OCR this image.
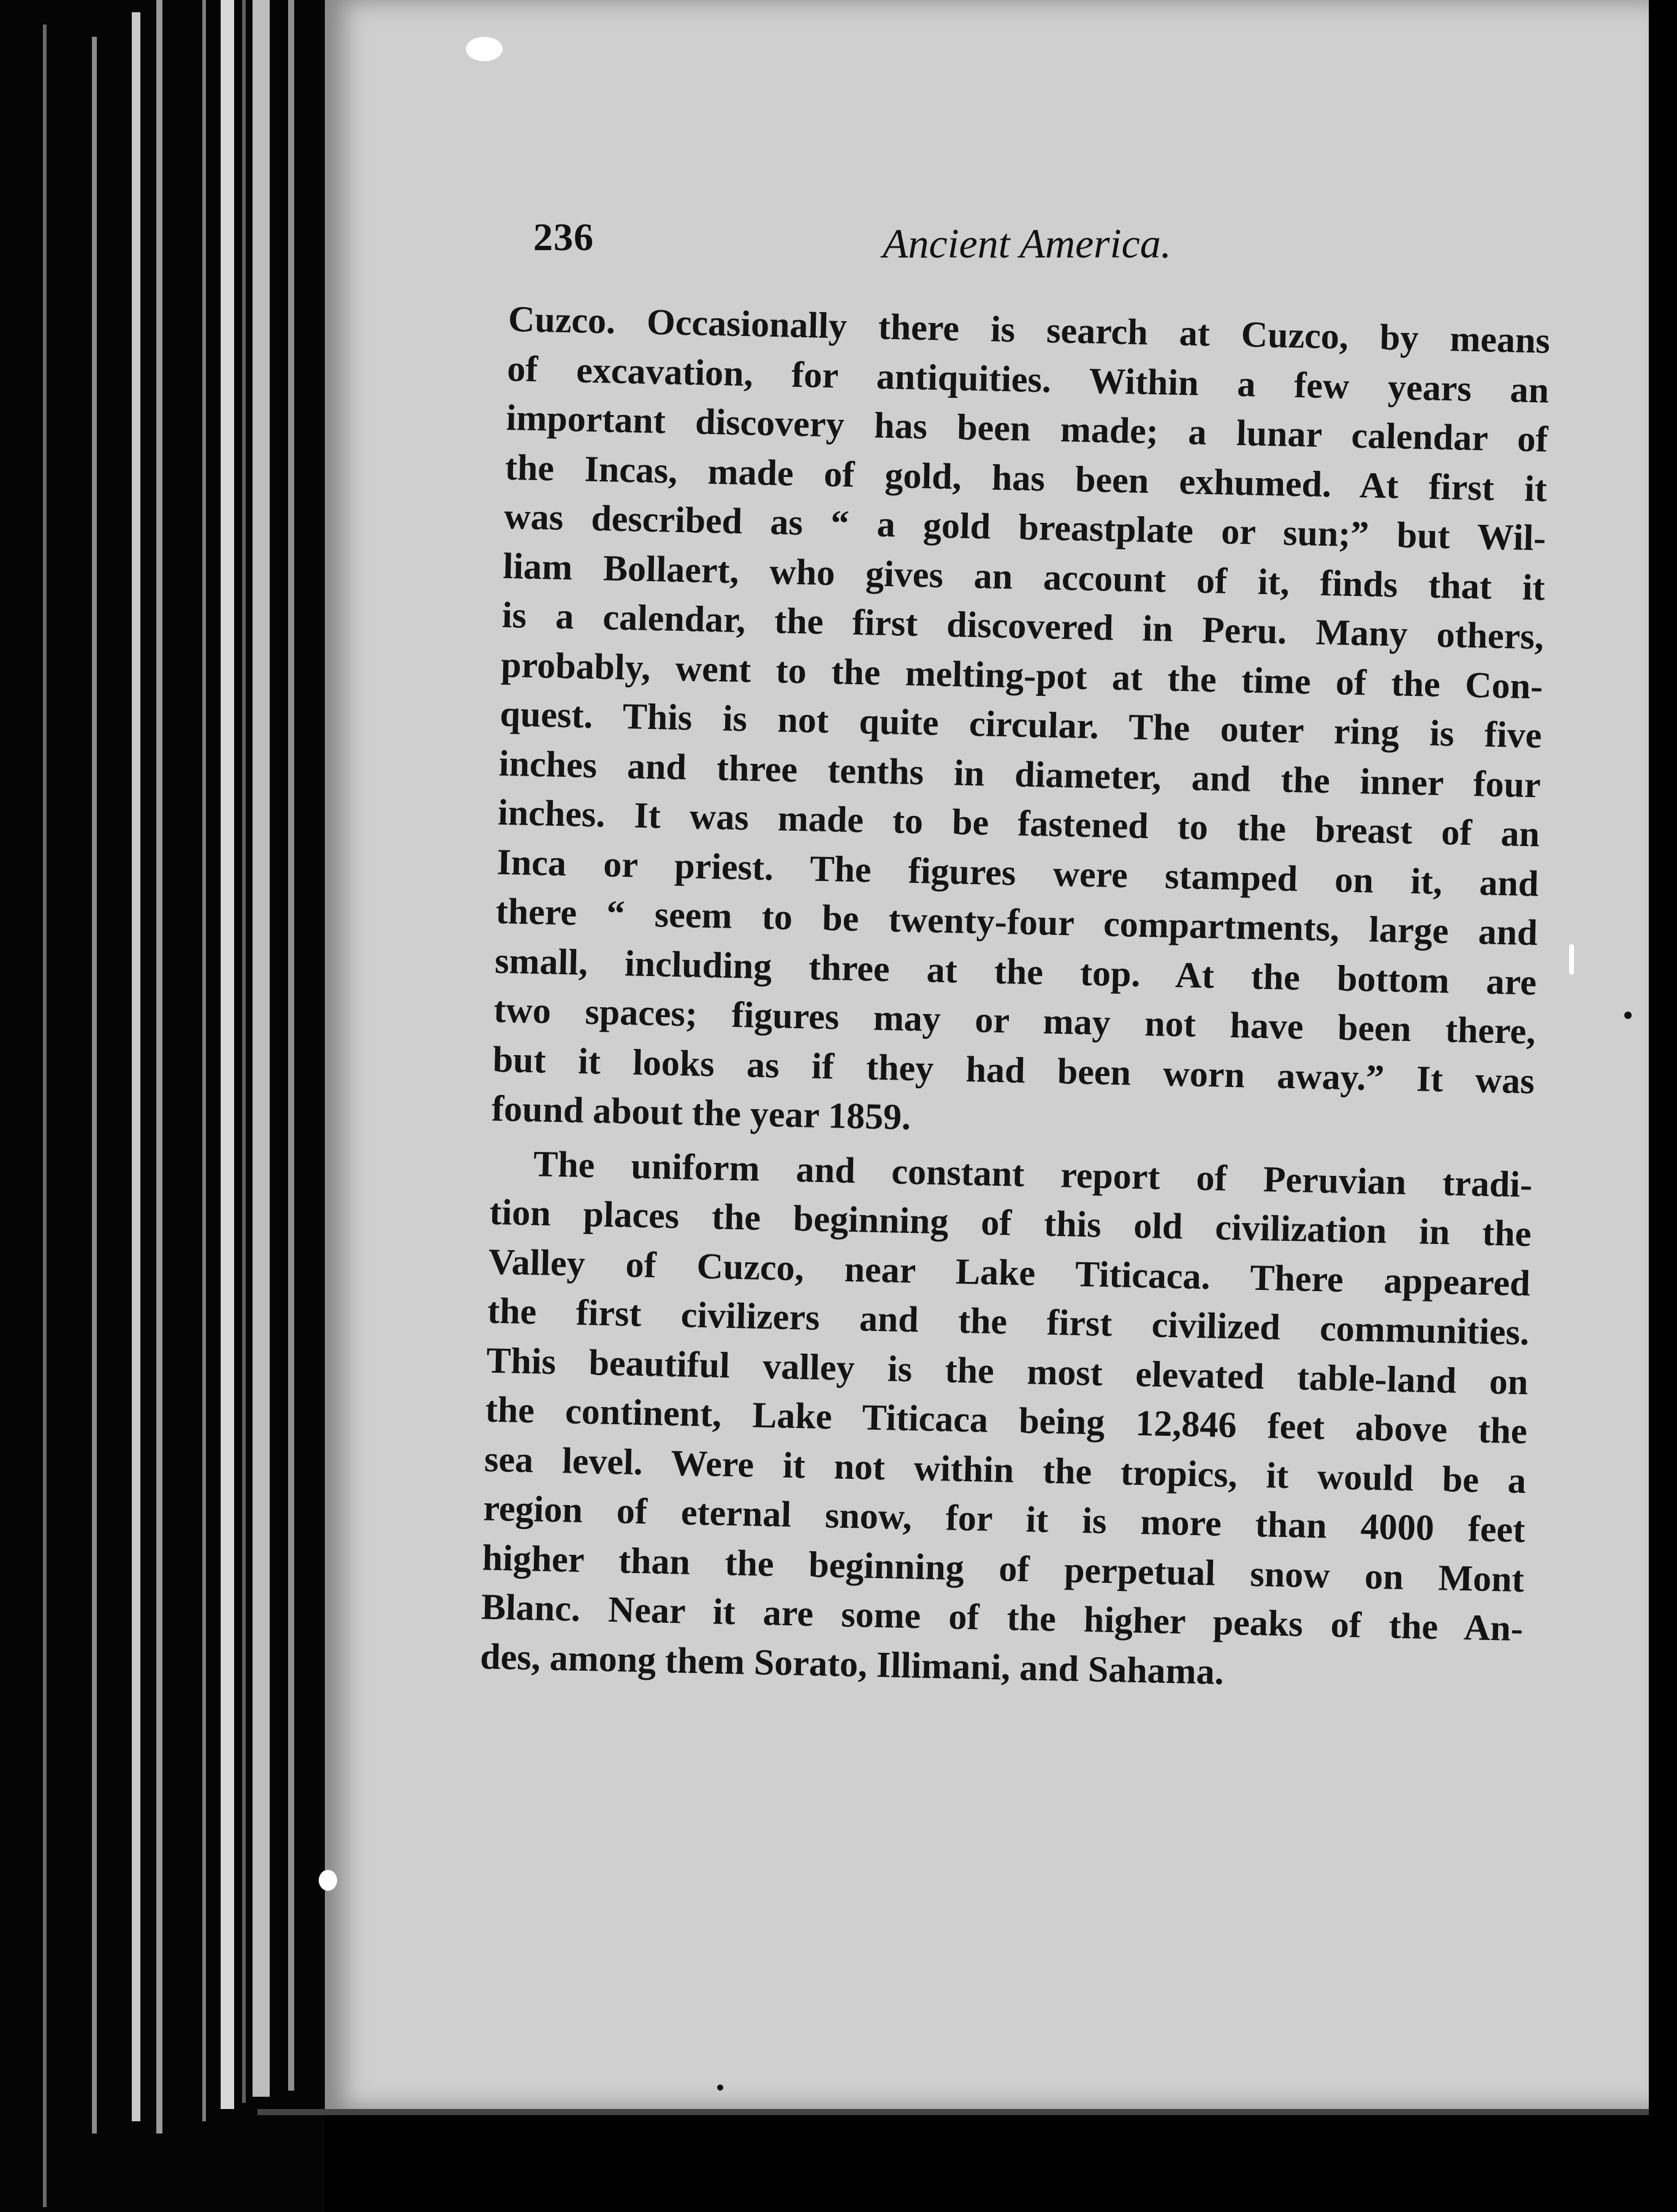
236	Ancient America.
Cuzco. Occasionally there is search at Cuzco, by means
of excavation, for antiquities. Within a few years an
important discovery has been made; a lunar calendar of
the Incas, made of gold, has been exhumed. At first it
was described as “ a gold breastplate or sun;” but Wil-
liam Bollaert, who gives an account of it, finds that it
is a calendar, the first discovered in Peru. Many others,
probably, went to the melting-pot at the time of the Con-
quest. This is not quite circular. The outer ring is five
inches and three tenths in diameter, and the inner four
inches. It was made to be fastened to the breast of an
Inca or priest. The figures were stamped on it, and
there “ seem to be twenty-four compartments, large and
small, including three at the top. At the bottom are
two spaces; figures may or may not have been there,
but it looks as if they had been worn away.” It was
found about the year 1859.
The uniform and constant report of Peruvian tradi-
tion places the beginning of this old civilization in the
Valley of Cuzco, near Lake Titicaca. There appeared
the first civilizers and the first civilized communities.
This beautiful valley is the most elevated table-land on
the continent, Lake Titicaca being 12,846 feet above the
sea level. Were it not within the tropics, it would be a
region of eternal snow, for it is more than 4000 feet
higher than the beginning of perpetual snow on Mont
Blanc. Near it are some of the higher peaks of the An-
des, among them Sorato, Illimani, and Sahama.
